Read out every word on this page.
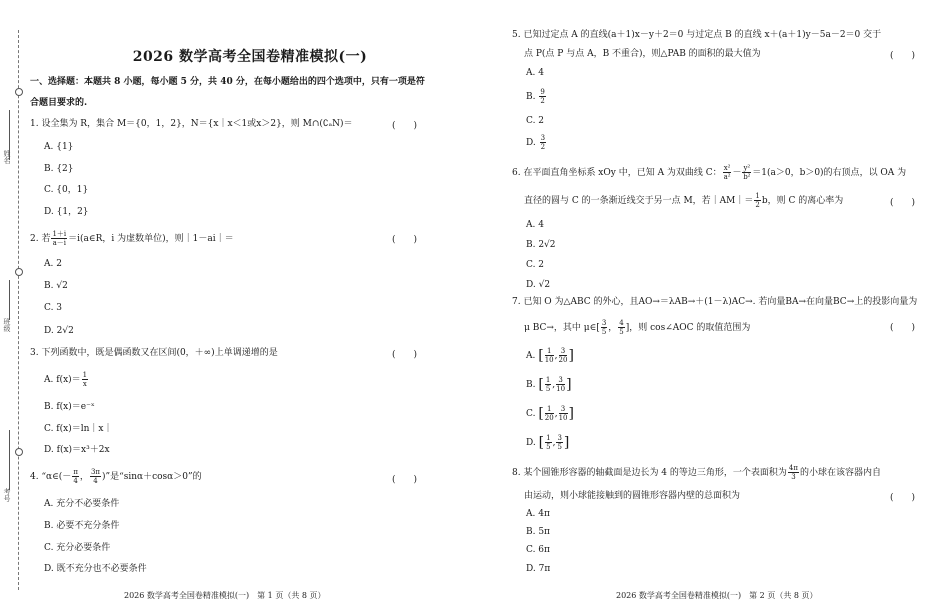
姓名
班级
考号
2026 数学高考全国卷精准模拟(一)
一、选择题：本题共 8 小题，每小题 5 分，共 40 分，在每小题给出的四个选项中，只有一项是符
合题目要求的.
1. 设全集为 R，集合 M＝{0，1，2}，N＝{x｜x＜1或x＞2}，则 M∩(∁ₐN)＝	(　　)
A. {1}
B. {2}
C. {0，1}
D. {1，2}
2. 若 $\frac{1+i}{a-i}$ ＝i(a∈R，i 为虚数单位)，则｜1－ai｜＝	(　　)
A. 2
B. √2
C. 3
D. 2√2
3. 下列函数中，既是偶函数又在区间(0，＋∞)上单调递增的是	(　　)
A. $f(x)= \frac{1}{x}$
B. f(x)＝e⁻ˣ
C. f(x)＝ln｜x｜
D. f(x)＝x³＋2x
4. “α∈(－ $\frac{\pi}{4}$ ， $\frac{3\pi}{4}$ )”是“sinα＋cosα＞0”的	(　　)
A. 充分不必要条件
B. 必要不充分条件
C. 充分必要条件
D. 既不充分也不必要条件
2026 数学高考全国卷精准模拟(一)　第 1 页（共 8 页）
5. 已知过定点 A 的直线(a＋1)x－y＋2＝0 与过定点 B 的直线 x＋(a＋1)y－5a－2＝0 交于
点 P(点 P 与点 A，B 不重合)，则△PAB 的面积的最大值为	(　　)
A. 4
B. $\frac{9}{2}$
C. 2
D. $\frac{3}{2}$
6. 在平面直角坐标系 xOy 中，已知 A 为双曲线 C： $\frac{\text{x²}}{\text{a²}} - \frac{\text{y²}}{\text{b²}} =1(a>0$，b＞0)的右顶点，以 OA 为
直径的圆与 C 的一条渐近线交于另一点 M，若｜AM｜＝ $\frac{1}{2}$ b，则 C 的离心率为	(　　)
A. 4
B. 2√2
C. 2
D. √2
7. 已知 O 为△ABC 的外心，且AO→＝λAB→＋(1－λ)AC→. 若向量BA→在向量BC→上的投影向量为
μ BC→，其中 μ∈[ $\frac{3}{5}$ ， $\frac{4}{5}$ ]，则 cos∠AOC 的取值范围为	(　　)
A. [ $\frac{1}{10}$ , $\frac{3}{20}$ ]
B. [ $\frac{1}{5}$ , $\frac{3}{10}$ ]
C. [ $\frac{1}{20}$ , $\frac{3}{10}$ ]
D. [ $\frac{1}{5}$ , $\frac{3}{5}$ ]
8. 某个圆锥形容器的轴截面是边长为 4 的等边三角形，一个表面积为 $\frac{4\pi}{3}$ 的小球在该容器内自
由运动，则小球能接触到的圆锥形容器内壁的总面积为	(　　)
A. 4π
B. 5π
C. 6π
D. 7π
2026 数学高考全国卷精准模拟(一)　第 2 页（共 8 页）
